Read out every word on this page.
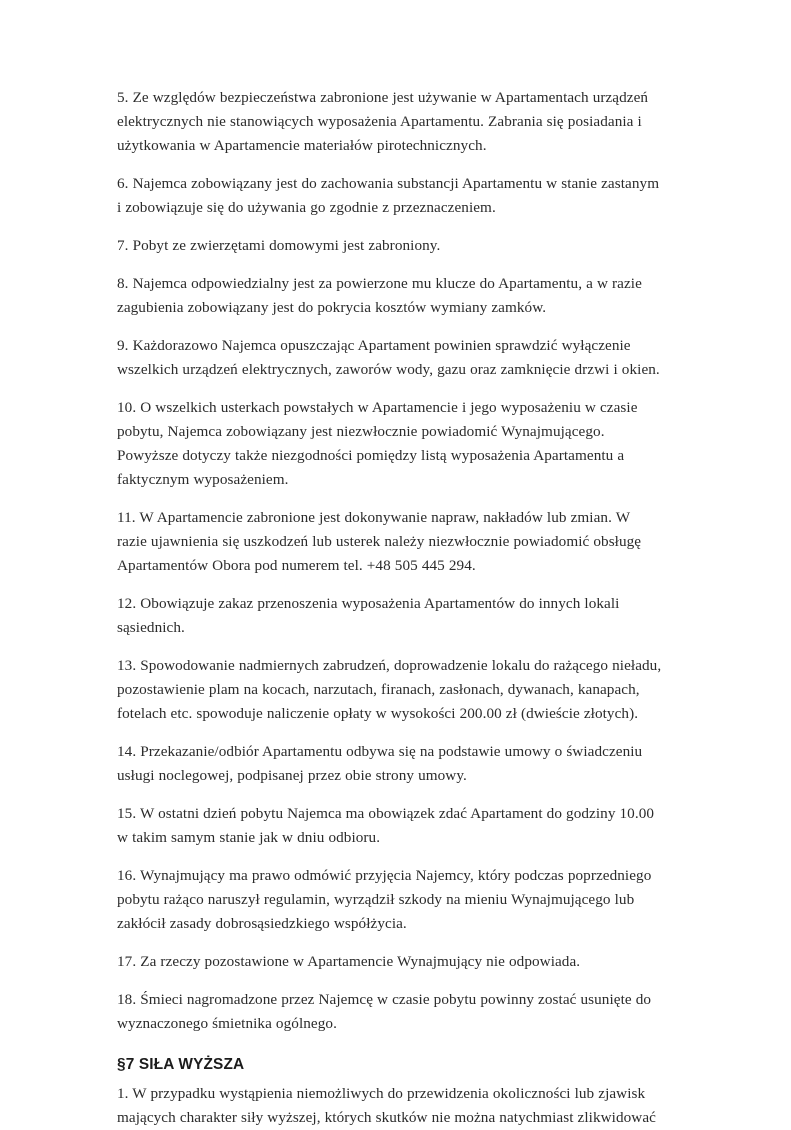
5. Ze względów bezpieczeństwa zabronione jest używanie w Apartamentach urządzeń elektrycznych nie stanowiących wyposażenia Apartamentu. Zabrania się posiadania i użytkowania w Apartamencie materiałów pirotechnicznych.

6. Najemca zobowiązany jest do zachowania substancji Apartamentu w stanie zastanym i zobowiązuje się do używania go zgodnie z przeznaczeniem.

7. Pobyt ze zwierzętami domowymi jest zabroniony.

8. Najemca odpowiedzialny jest za powierzone mu klucze do Apartamentu, a w razie zagubienia zobowiązany jest do pokrycia kosztów wymiany zamków.

9. Każdorazowo Najemca opuszczając Apartament powinien sprawdzić wyłączenie wszelkich urządzeń elektrycznych, zaworów wody, gazu oraz zamknięcie drzwi i okien.

10. O wszelkich usterkach powstałych w Apartamencie i jego wyposażeniu w czasie pobytu, Najemca zobowiązany jest niezwłocznie powiadomić Wynajmującego. Powyższe dotyczy także niezgodności pomiędzy listą wyposażenia Apartamentu a faktycznym wyposażeniem.

11. W Apartamencie zabronione jest dokonywanie napraw, nakładów lub zmian. W razie ujawnienia się uszkodzeń lub usterek należy niezwłocznie powiadomić obsługę Apartamentów Obora pod numerem tel. +48 505 445 294.

12. Obowiązuje zakaz przenoszenia wyposażenia Apartamentów do innych lokali sąsiednich.

13. Spowodowanie nadmiernych zabrudzeń, doprowadzenie lokalu do rażącego nieładu, pozostawienie plam na kocach, narzutach, firanach, zasłonach, dywanach, kanapach, fotelach etc. spowoduje naliczenie opłaty w wysokości 200.00 zł (dwieście złotych).

14. Przekazanie/odbiór Apartamentu odbywa się na podstawie umowy o świadczeniu usługi noclegowej, podpisanej przez obie strony umowy.

15. W ostatni dzień pobytu Najemca ma obowiązek zdać Apartament do godziny 10.00 w takim samym stanie jak w dniu odbioru.

16. Wynajmujący ma prawo odmówić przyjęcia Najemcy, który podczas poprzedniego pobytu rażąco naruszył regulamin, wyrządził szkody na mieniu Wynajmującego lub zakłócił zasady dobrosąsiedzkiego współżycia.

17. Za rzeczy pozostawione w Apartamencie Wynajmujący nie odpowiada.

18. Śmieci nagromadzone przez Najemcę w czasie pobytu powinny zostać usunięte do wyznaczonego śmietnika ogólnego.

§7 SIŁA WYŻSZA

1. W przypadku wystąpienia niemożliwych do przewidzenia okoliczności lub zjawisk mających charakter siły wyższej, których skutków nie można natychmiast zlikwidować
